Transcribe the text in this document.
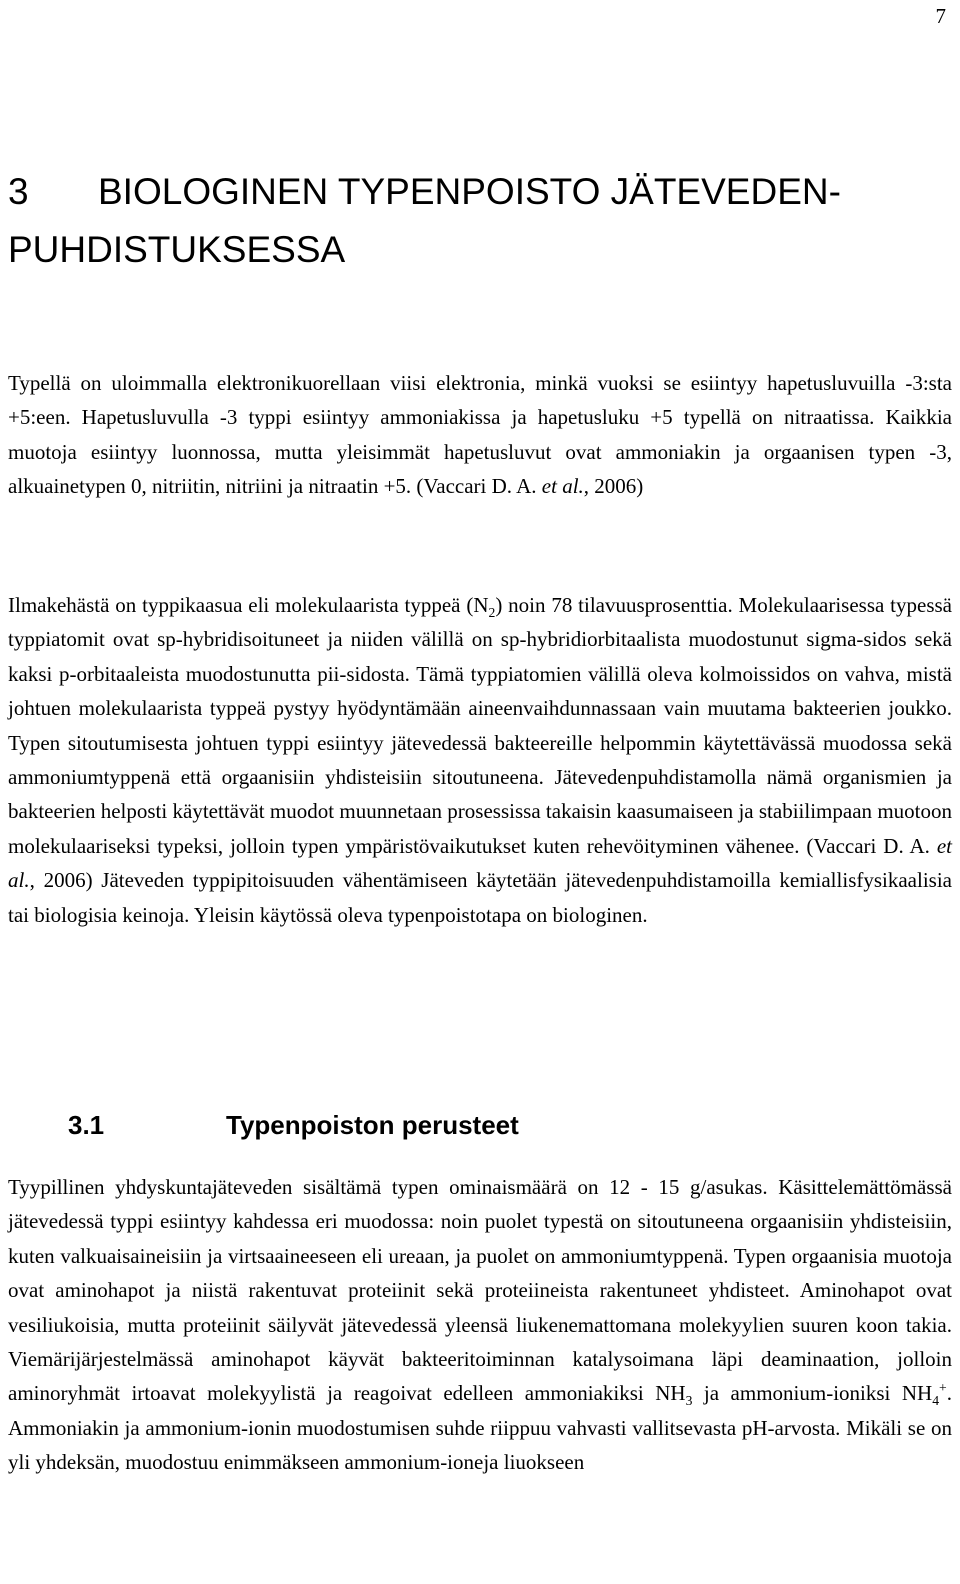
7
3 BIOLOGINEN TYPENPOISTO JÄTEVEDEN-
PUHDISTUKSESSA

Typellä on uloimmalla elektronikuorellaan viisi elektronia, minkä vuoksi se esiintyy hapetusluvuilla -3:sta +5:een. Hapetusluvulla -3 typpi esiintyy ammoniakissa ja hapetusluku +5 typellä on nitraatissa. Kaikkia muotoja esiintyy luonnossa, mutta yleisimmät hapetusluvut ovat ammoniakin ja orgaanisen typen -3, alkuainetypen 0, nitriitin, nitriini ja nitraatin +5. (Vaccari D. A. et al., 2006)

Ilmakehästä on typpikaasua eli molekulaarista typpeä $(N_2)$ noin 78 tilavuusprosenttia. Molekulaarisessa typessä typpiatomit ovat sp-hybridisoituneet ja niiden välillä on sp-hybridiorbitaalista muodostunut sigma-sidos sekä kaksi p-orbitaaleista muodostunutta pii-sidosta. Tämä typpiatomien välillä oleva kolmoissidos on vahva, mistä johtuen molekulaarista typpeä pystyy hyödyntämään aineenvaihdunnassaan vain muutama bakteerien joukko. Typen sitoutumisesta johtuen typpi esiintyy jätevedessä bakteereille helpommin käytettävässä muodossa sekä ammoniumtyppenä että orgaanisiin yhdisteisiin sitoutuneena. Jätevedenpuhdistamolla nämä organismien ja bakteerien helposti käytettävät muodot muunnetaan prosessissa takaisin kaasumaiseen ja stabiilimpaan muotoon molekulaariseksi typeksi, jolloin typen ympäristövaikutukset kuten rehevöityminen vähenee. (Vaccari D. A. et al., 2006) Jäteveden typpipitoisuuden vähentämiseen käytetään jätevedenpuhdistamoilla kemiallisfysikaalisia tai biologisia keinoja. Yleisin käytössä oleva typenpoistotapa on biologinen.

3.1	Typenpoiston perusteet

Tyypillinen yhdyskuntajäteveden sisältämä typen ominaismäärä on 12 - 15 g/asukas. Käsittelemättömässä jätevedessä typpi esiintyy kahdessa eri muodossa: noin puolet typestä on sitoutuneena orgaanisiin yhdisteisiin, kuten valkuaisaineisiin ja virtsaaineeseen eli ureaan, ja puolet on ammoniumtyppenä. Typen orgaanisia muotoja ovat aminohapot ja niistä rakentuvat proteiinit sekä proteiineista rakentuneet yhdisteet. Aminohapot ovat vesiliukoisia, mutta proteiinit säilyvät jätevedessä yleensä liukenemattomana molekyylien suuren koon takia. Viemärijärjestelmässä aminohapot käyvät bakteeritoiminnan katalysoimana läpi deaminaation, jolloin aminoryhmät irtoavat molekyylistä ja reagoivat edelleen ammoniakiksi $NH_3$ ja ammonium-ioniksi $NH_4^+$. Ammoniakin ja ammonium-ionin muodostumisen suhde riippuu vahvasti vallitsevasta pH-arvosta. Mikäli se on yli yhdeksän, muodostuu enimmäkseen ammonium-ioneja liuokseen
